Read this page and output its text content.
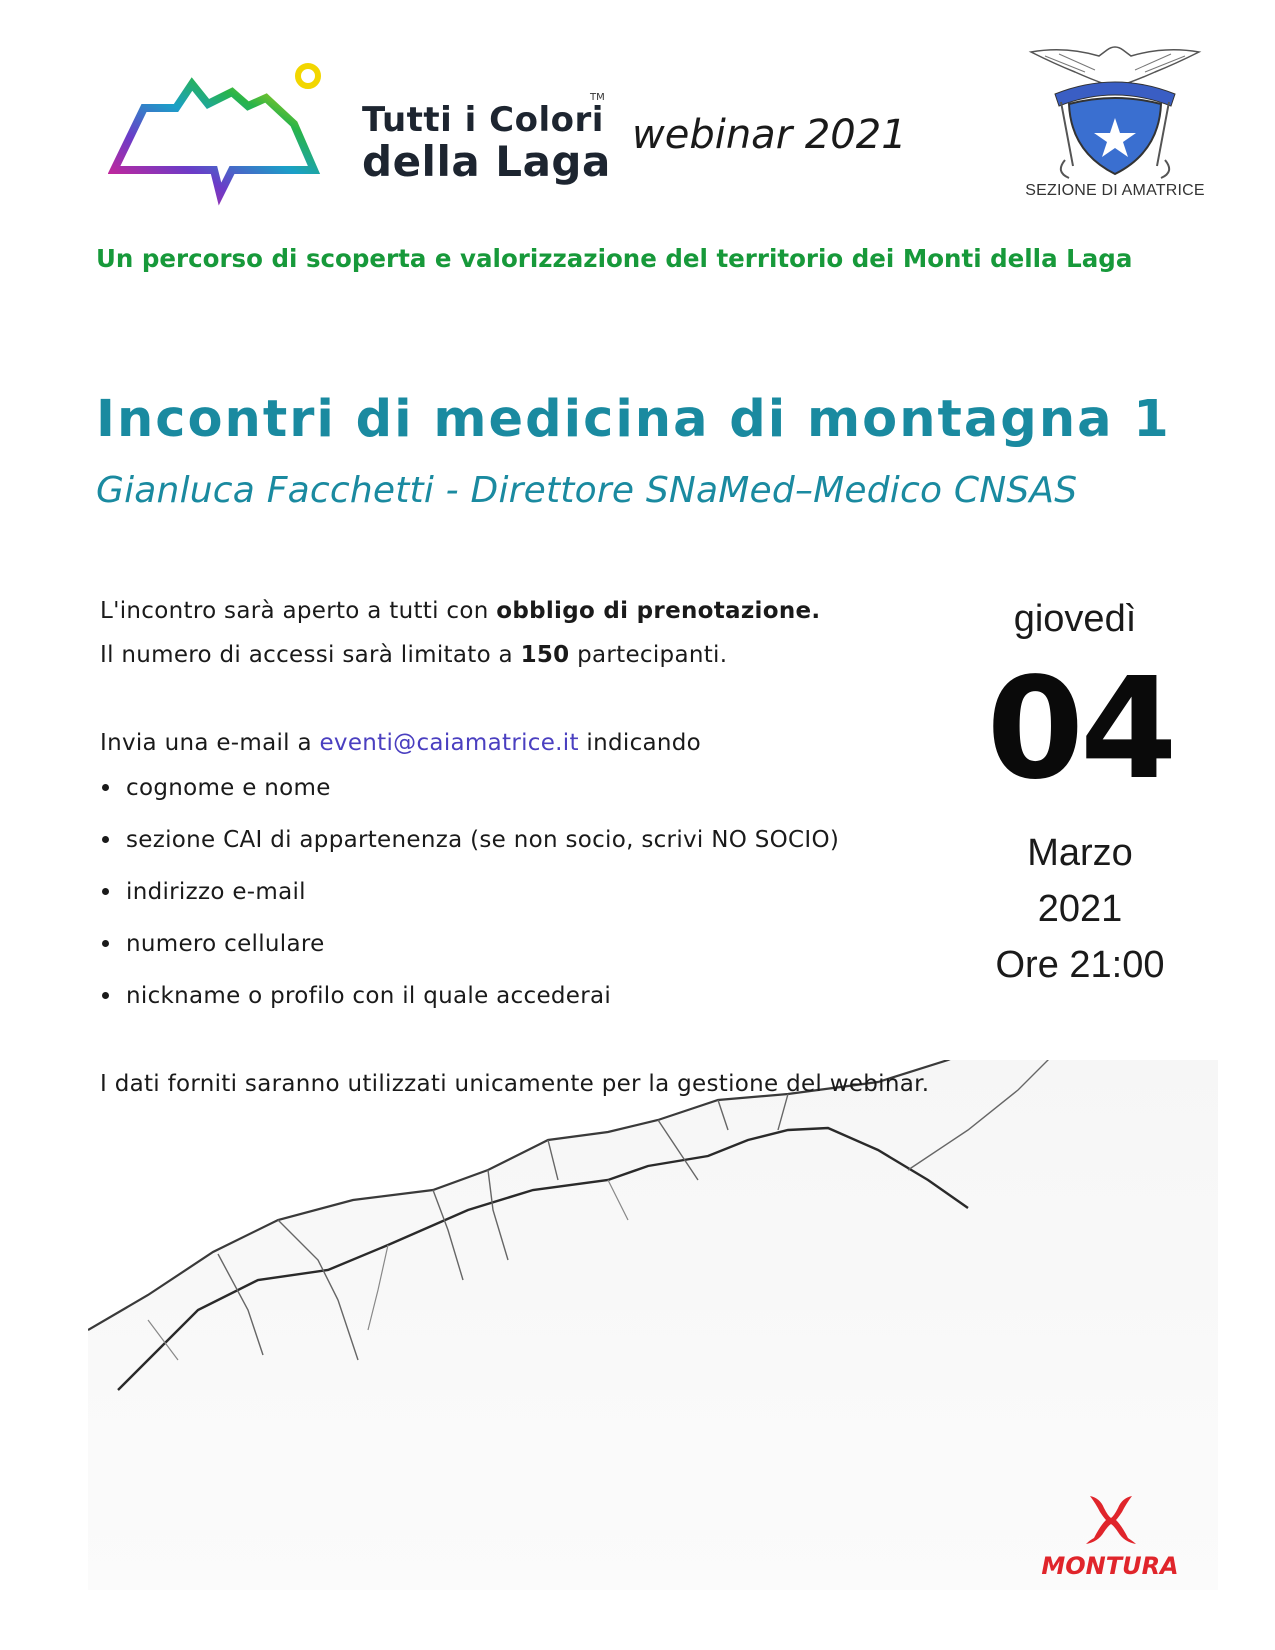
Tutti i Colori
della Laga
TM
webinar 2021
SEZIONE DI AMATRICE
Un percorso di scoperta e valorizzazione del territorio dei Monti della Laga
Incontri di medicina di montagna 1
Gianluca Facchetti - Direttore SNaMed–Medico CNSAS
L'incontro sarà aperto a tutti con obbligo di prenotazione.
Il numero di accessi sarà limitato a 150 partecipanti.
Invia una e-mail a eventi@caiamatrice.it indicando
cognome e nome
sezione CAI di appartenenza (se non socio, scrivi NO SOCIO)
indirizzo e-mail
numero cellulare
nickname o profilo con il quale accederai
I dati forniti saranno utilizzati unicamente per la gestione del webinar.
giovedì
04
Marzo
2021
Ore 21:00
MONTURA
